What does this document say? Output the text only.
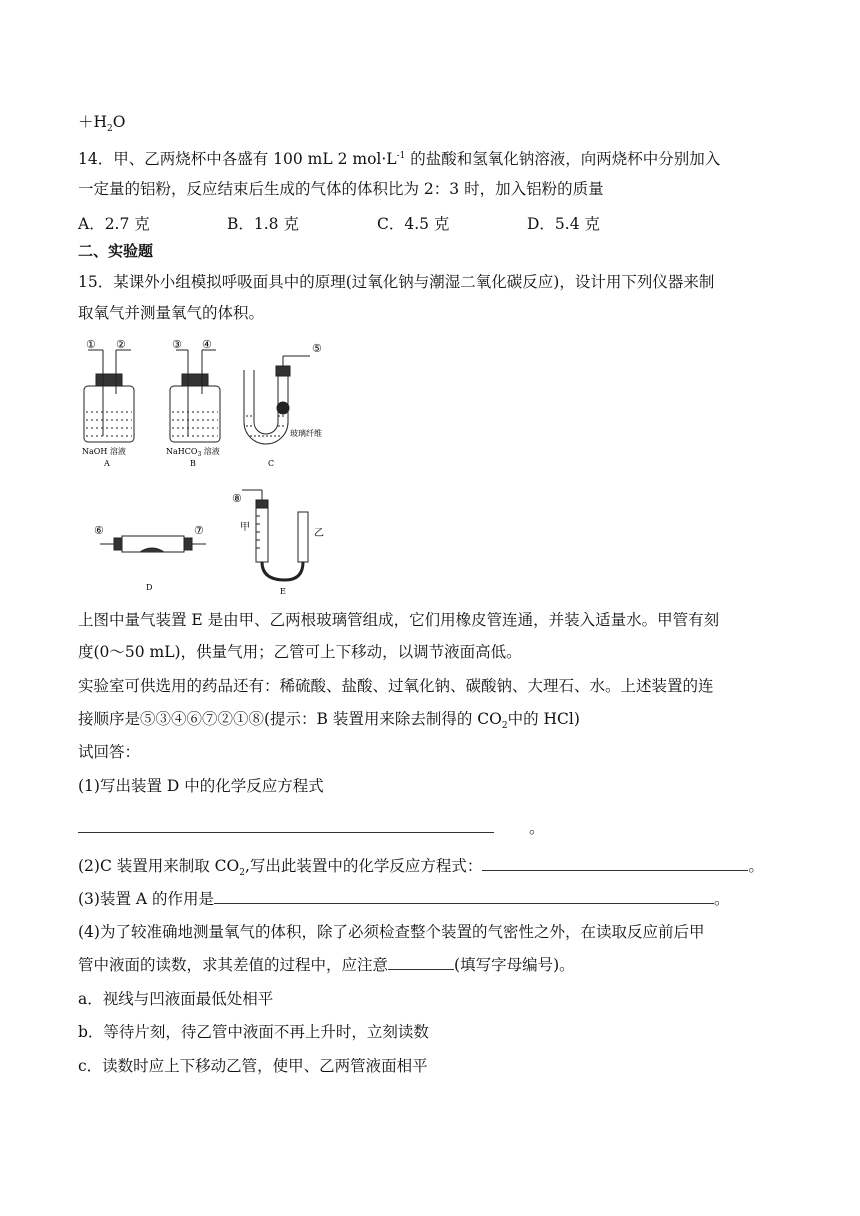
$+H_2O$
14．甲、乙两烧杯中各盛有 100 mL 2 $mol\cdot L^{-1}$ 的盐酸和氢氧化钠溶液，向两烧杯中分别加入
一定量的铝粉，反应结束后生成的气体的体积比为 2：3 时，加入铝粉的质量
A．2.7 克	B．1.8 克	C．4.5 克	D．5.4 克
二、实验题
15．某课外小组模拟呼吸面具中的原理(过氧化钠与潮湿二氧化碳反应)，设计用下列仪器来制
取氧气并测量氧气的体积。
① ②
NaOH 溶液
A
③ ④
NaHCO$_3$ 溶液
B
⑤
玻璃纤维
C
⑥	⑦
D
⑧
甲
乙
E
上图中量气装置 E 是由甲、乙两根玻璃管组成，它们用橡皮管连通，并装入适量水。甲管有刻
度(0～50 mL)，供量气用；乙管可上下移动，以调节液面高低。
实验室可供选用的药品还有：稀硫酸、盐酸、过氧化钠、碳酸钠、大理石、水。上述装置的连
接顺序是⑤③④⑥⑦②①⑧(提示：B 装置用来除去制得的 $CO_2$中的 HCl)
试回答：
(1)写出装置 D 中的化学反应方程式
。
(2)C 装置用来制取 $CO_2$,写出此装置中的化学反应方程式：	。
(3)装置 A 的作用是	。
(4)为了较准确地测量氧气的体积，除了必须检查整个装置的气密性之外，在读取反应前后甲
管中液面的读数，求其差值的过程中，应注意	(填写字母编号)。
a．视线与凹液面最低处相平
b．等待片刻，待乙管中液面不再上升时，立刻读数
c．读数时应上下移动乙管，使甲、乙两管液面相平
